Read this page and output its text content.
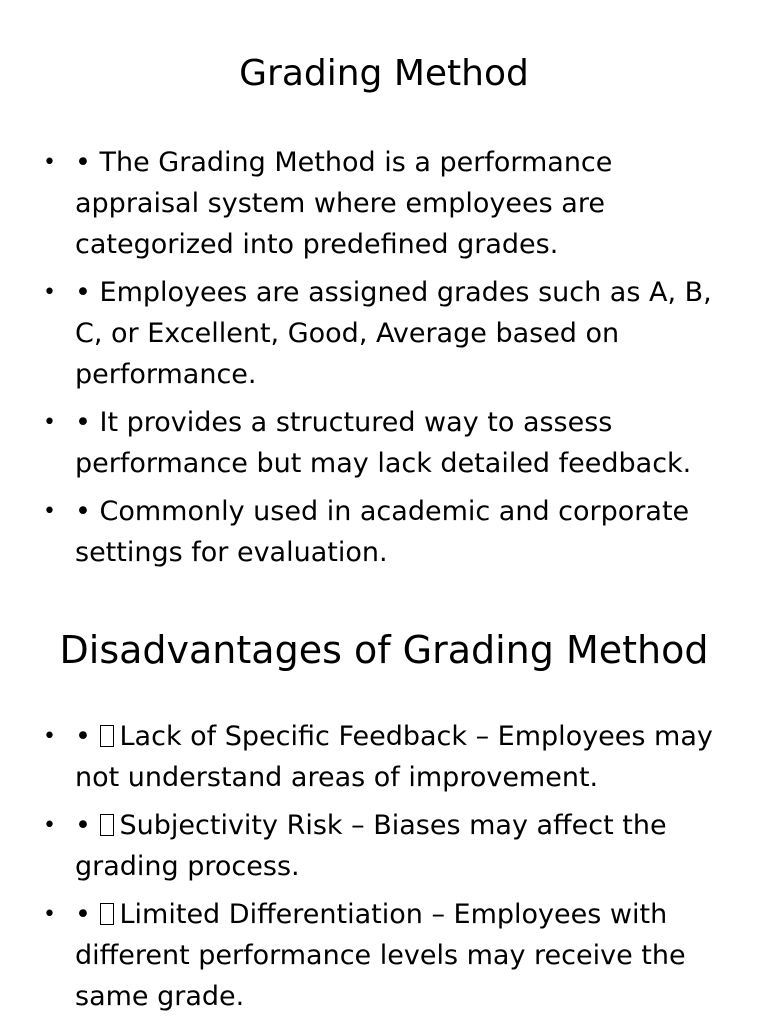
Grading Method
• • The Grading Method is a performance appraisal system where employees are categorized into predefined grades.
• • Employees are assigned grades such as A, B, C, or Excellent, Good, Average based on performance.
• • It provides a structured way to assess performance but may lack detailed feedback.
• • Commonly used in academic and corporate settings for evaluation.
Disadvantages of Grading Method
• • Lack of Specific Feedback – Employees may not understand areas of improvement.
• • Subjectivity Risk – Biases may affect the grading process.
• • Limited Differentiation – Employees with different performance levels may receive the same grade.
